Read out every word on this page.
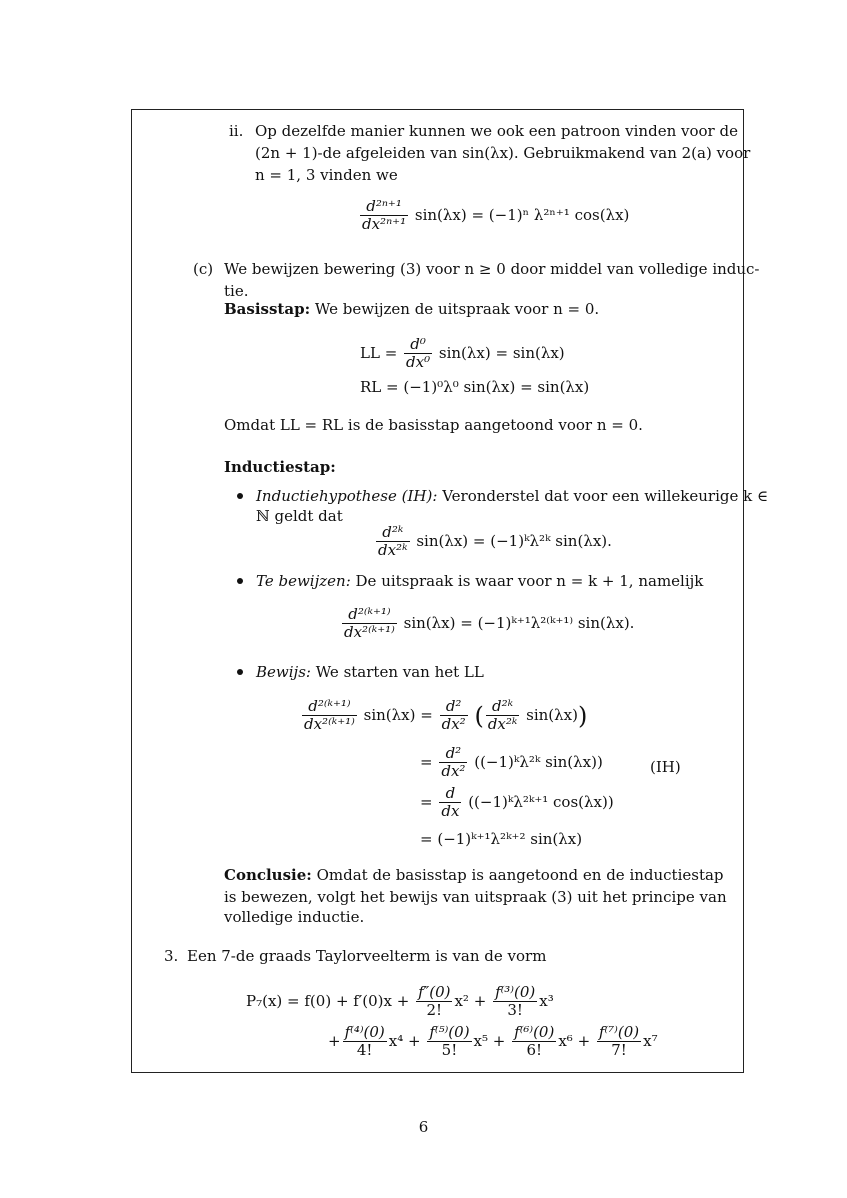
ii. Op dezelfde manier kunnen we ook een patroon vinden voor de
(2n + 1)-de afgeleiden van sin(λx). Gebruikmakend van 2(a) voor
n = 1, 3 vinden we
$\frac{\text{d²ⁿ⁺¹}}{\text{dx²ⁿ⁺¹}} \sin(\lambda x) = (-1)^n$ λ²ⁿ⁺¹ cos(λx)
(c) We bewijzen bewering (3) voor n ≥ 0 door middel van volledige induc-
tie.
Basisstap: We bewijzen de uitspraak voor n = 0.
LL = $\frac{\text{d⁰}}{\text{dx⁰}} \sin(\lambda x) = \sin(\lambda x)$
RL = (−1)⁰λ⁰ sin(λx) = sin(λx)
Omdat LL = RL is de basisstap aangetoond voor n = 0.
Inductiestap:
Inductiehypothese (IH): Veronderstel dat voor een willekeurige k ∈
ℕ geldt dat
$\frac{\text{d²ᵏ}}{\text{dx²ᵏ}} \sin(\lambda x)$ = (−1)ᵏλ²ᵏ sin(λx).
Te bewijzen: De uitspraak is waar voor n = k + 1, namelijk
$\frac{\text{d²⁽ᵏ⁺¹⁾}}{\text{dx²⁽ᵏ⁺¹⁾}} \sin(\lambda x)$ = (−1)ᵏ⁺¹λ²⁽ᵏ⁺¹⁾ sin(λx).
Bewijs: We starten van het LL
$\frac{\text{d²⁽ᵏ⁺¹⁾}}{\text{dx²⁽ᵏ⁺¹⁾}} \sin(\lambda x) = \frac{\text{d²}}{\text{dx²}}$ ( $\frac{\text{d²ᵏ}}{\text{dx²ᵏ}} \sin(\lambda x)$)
= $\frac{\text{d²}}{\text{dx²}}$ ((−1)ᵏλ²ᵏ sin(λx))	(IH)
= $\frac{d}{dx}$ ((−1)ᵏλ²ᵏ⁺¹ cos(λx))
= (−1)ᵏ⁺¹λ²ᵏ⁺² sin(λx)
Conclusie: Omdat de basisstap is aangetoond en de inductiestap
is bewezen, volgt het bewijs van uitspraak (3) uit het principe van
volledige inductie.
3. Een 7-de graads Taylorveelterm is van de vorm
$P_7(x) = f(0) + f'(0)x + \frac{f''(0)}{2!} x^2 + \frac{\text{f⁽³⁾(0)}}{3!} x^3$
+ $\frac{\text{f⁽⁴⁾(0)}}{4!} x^4 + \frac{\text{f⁽⁵⁾(0)}}{5!} x^5 + \frac{\text{f⁽⁶⁾(0)}}{6!} x^6 + \frac{\text{f⁽⁷⁾(0)}}{7!} x^7$
6
